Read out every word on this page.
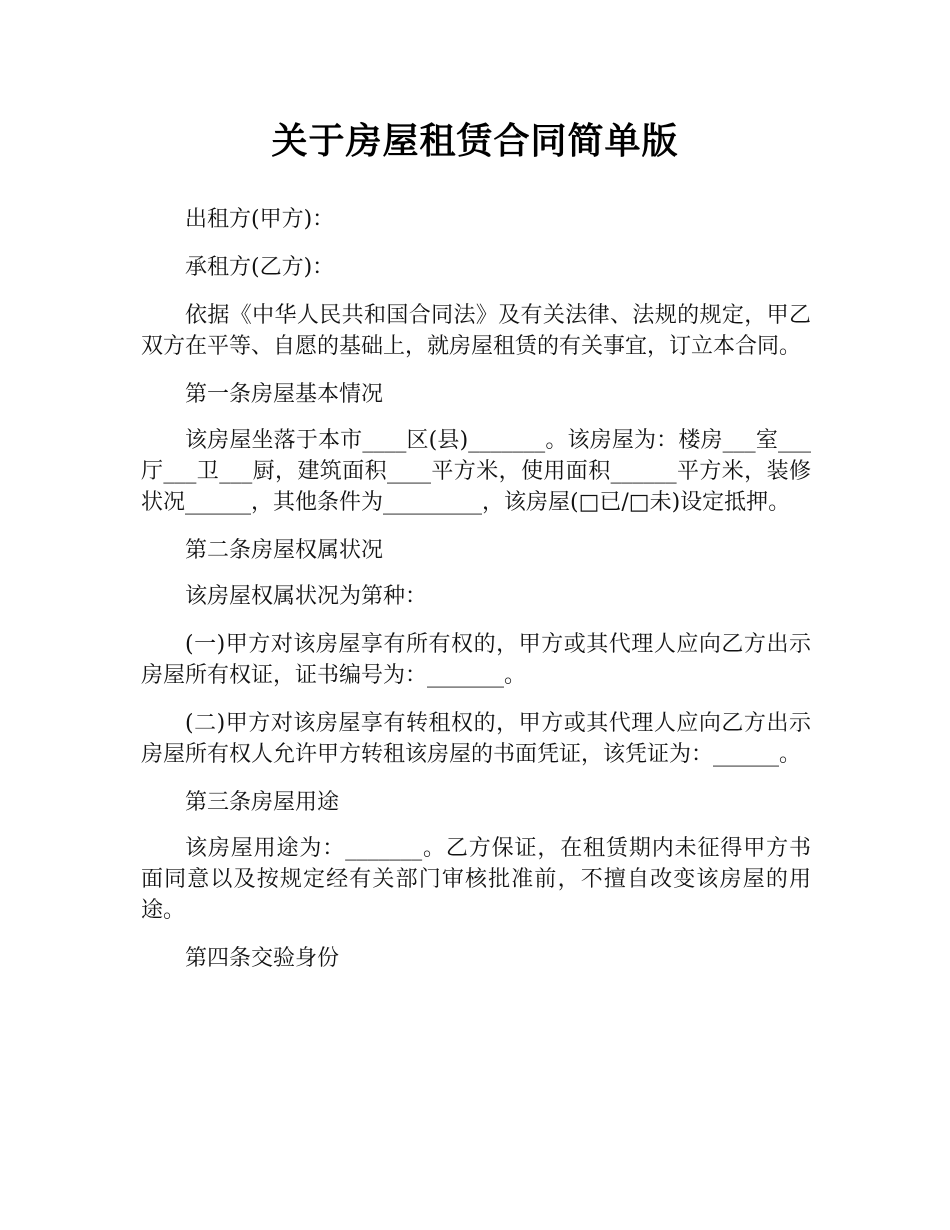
关于房屋租赁合同简单版

出租方(甲方)：

承租方(乙方)：

依据《中华人民共和国合同法》及有关法律、法规的规定，甲乙双方在平等、自愿的基础上，就房屋租赁的有关事宜，订立本合同。

第一条房屋基本情况

该房屋坐落于本市____区(县)_______。该房屋为：楼房___室___厅___卫___厨，建筑面积____平方米，使用面积______平方米，装修状况______，其他条件为_________，该房屋(□已/□未)设定抵押。

第二条房屋权属状况

该房屋权属状况为第种：

(一)甲方对该房屋享有所有权的，甲方或其代理人应向乙方出示房屋所有权证，证书编号为：_______。

(二)甲方对该房屋享有转租权的，甲方或其代理人应向乙方出示房屋所有权人允许甲方转租该房屋的书面凭证，该凭证为：______。

第三条房屋用途

该房屋用途为：_______。乙方保证，在租赁期内未征得甲方书面同意以及按规定经有关部门审核批准前，不擅自改变该房屋的用途。

第四条交验身份
